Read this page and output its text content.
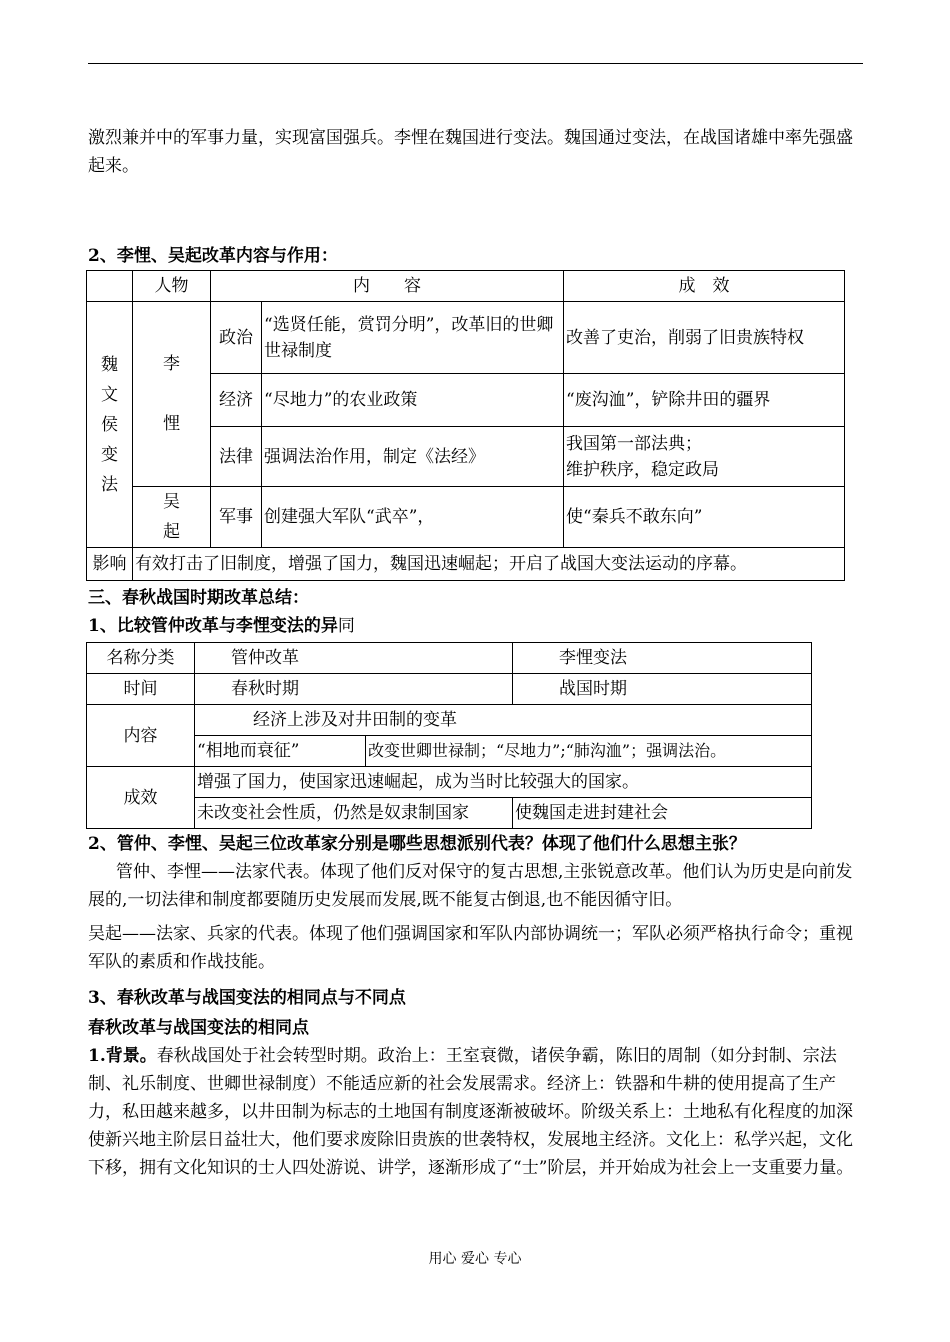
激烈兼并中的军事力量，实现富国强兵。李悝在魏国进行变法。魏国通过变法，在战国诸雄中率先强盛起来。

2、李悝、吴起改革内容与作用：

	人物	内　　容		成　效
魏
文
侯
变
法	李
悝	政治	“选贤任能，赏罚分明”，改革旧的世卿世禄制度	改善了吏治，削弱了旧贵族特权
		经济	“尽地力”的农业政策	“废沟洫”，铲除井田的疆界
		法律	强调法治作用，制定《法经》	我国第一部法典；
维护秩序，稳定政局
	吴
起	军事	创建强大军队“武卒”，	使“秦兵不敢东向”
影响	有效打击了旧制度，增强了国力，魏国迅速崛起；开启了战国大变法运动的序幕。			

三、春秋战国时期改革总结：

1、比较管仲改革与李悝变法的异同

名称分类	管仲改革		李悝变法
时间	春秋时期		战国时期
内容	经济上涉及对井田制的变革		
	“相地而衰征”	改变世卿世禄制；“尽地力”;“肺沟洫”；强调法治。	
成效	增强了国力，使国家迅速崛起，成为当时比较强大的国家。		
	未改变社会性质，仍然是奴隶制国家		使魏国走进封建社会

2、管仲、李悝、吴起三位改革家分别是哪些思想派别代表？体现了他们什么思想主张？

管仲、李悝——法家代表。体现了他们反对保守的复古思想,主张锐意改革。他们认为历史是向前发展的,一切法律和制度都要随历史发展而发展,既不能复古倒退,也不能因循守旧。

吴起——法家、兵家的代表。体现了他们强调国家和军队内部协调统一；军队必须严格执行命令；重视军队的素质和作战技能。

3、春秋改革与战国变法的相同点与不同点

春秋改革与战国变法的相同点

1.背景。春秋战国处于社会转型时期。政治上：王室衰微，诸侯争霸，陈旧的周制（如分封制、宗法制、礼乐制度、世卿世禄制度）不能适应新的社会发展需求。经济上：铁器和牛耕的使用提高了生产力，私田越来越多，以井田制为标志的土地国有制度逐渐被破坏。阶级关系上：土地私有化程度的加深使新兴地主阶层日益壮大，他们要求废除旧贵族的世袭特权，发展地主经济。文化上：私学兴起，文化下移，拥有文化知识的士人四处游说、讲学，逐渐形成了“士”阶层，并开始成为社会上一支重要力量。

用心 爱心 专心
